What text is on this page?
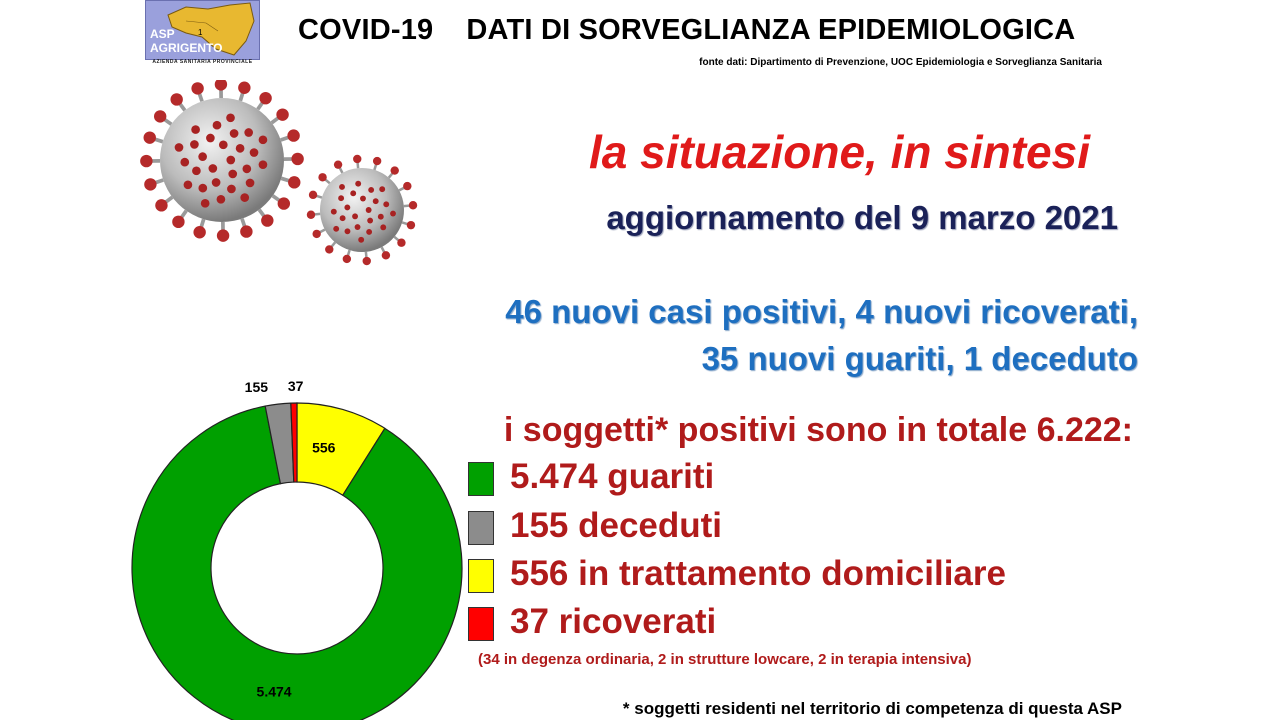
1
ASP
AGRIGENTO
AZIENDA SANITARIA PROVINCIALE
COVID-19    DATI DI SORVEGLIANZA EPIDEMIOLOGICA
fonte dati: Dipartimento di Prevenzione, UOC Epidemiologia e Sorveglianza Sanitaria
la situazione, in sintesi
aggiornamento del 9 marzo 2021
46 nuovi casi positivi, 4 nuovi ricoverati,
35 nuovi guariti, 1 deceduto
i soggetti* positivi sono in totale 6.222:
5.474 guariti
155 deceduti
556 in trattamento domiciliare
37 ricoverati
(34 in degenza ordinaria, 2 in strutture lowcare, 2 in terapia intensiva)
556
5.474
155 37
* soggetti residenti nel territorio di competenza di questa ASP
